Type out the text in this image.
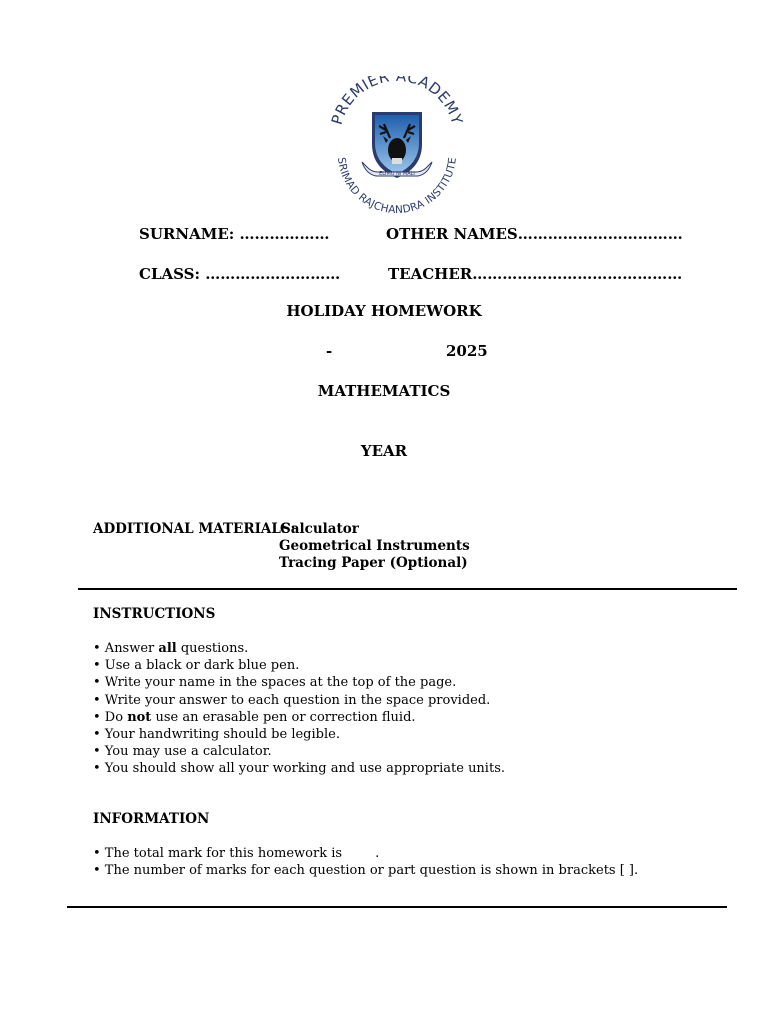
PREMIER ACADEMY
SRIMAD RAJCHANDRA INSTITUTE
ELIMU NI MALI
SURNAME: ………………	OTHER NAMES……………………………
CLASS: ………………………	TEACHER……………………………………
HOLIDAY HOMEWORK
-	2025
MATHEMATICS
YEAR
ADDITIONAL MATERIALS:
Calculator
Geometrical Instruments
Tracing Paper (Optional)
INSTRUCTIONS
• Answer all questions.
• Use a black or dark blue pen.
• Write your name in the spaces at the top of the page.
• Write your answer to each question in the space provided.
• Do not use an erasable pen or correction fluid.
• Your handwriting should be legible.
• You may use a calculator.
• You should show all your working and use appropriate units.
INFORMATION
• The total mark for this homework is        .
• The number of marks for each question or part question is shown in brackets [ ].
